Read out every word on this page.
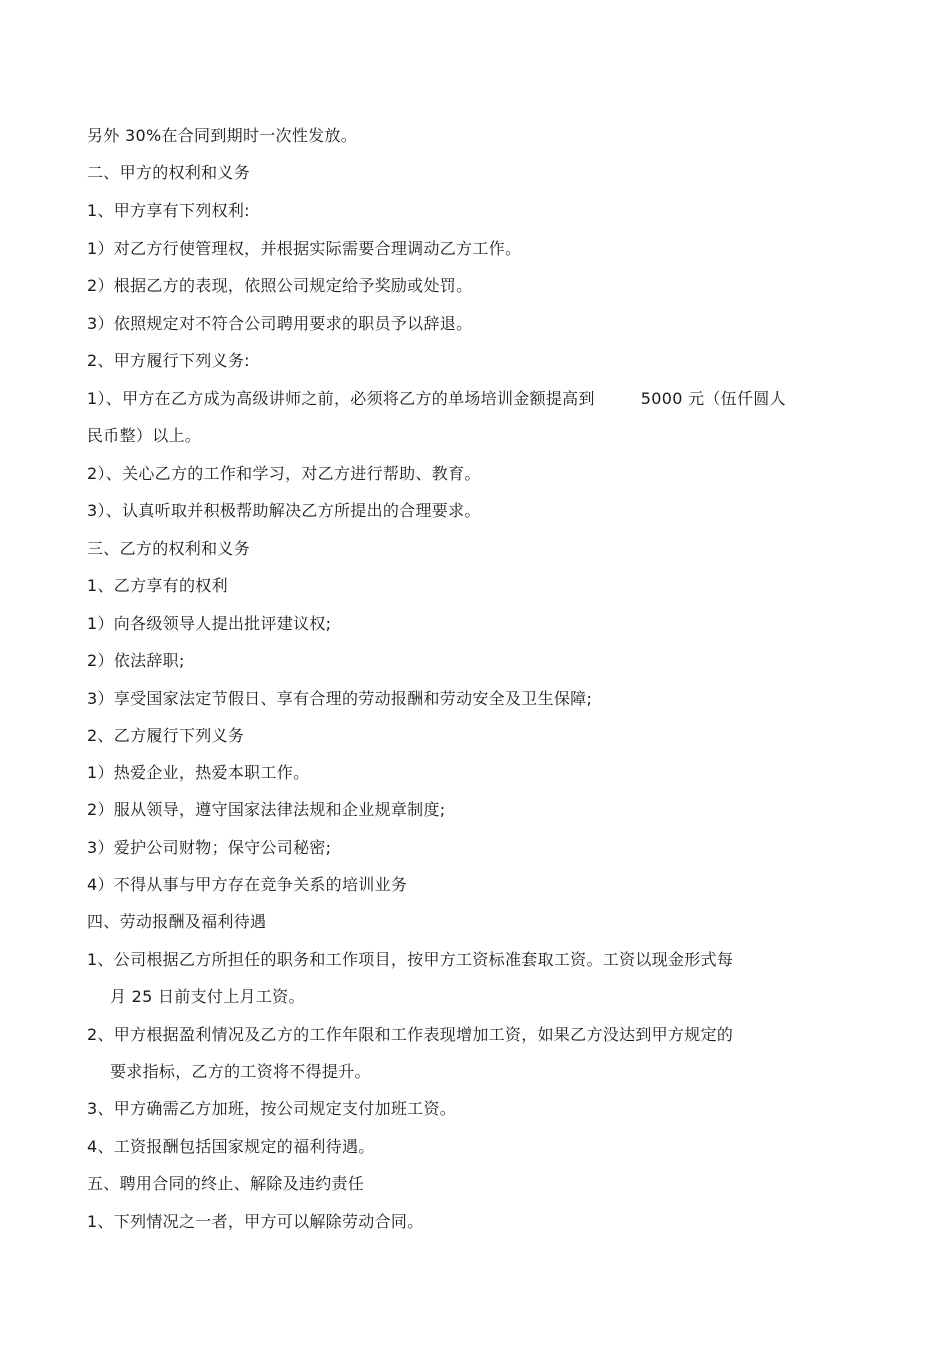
另外 30%在合同到期时一次性发放。
二、甲方的权利和义务
1、甲方享有下列权利:
1）对乙方行使管理权，并根据实际需要合理调动乙方工作。
2）根据乙方的表现，依照公司规定给予奖励或处罚。
3）依照规定对不符合公司聘用要求的职员予以辞退。
2、甲方履行下列义务:
1）、甲方在乙方成为高级讲师之前，必须将乙方的单场培训金额提高到	5000 元（伍仟圆人
民币整）以上。
2）、关心乙方的工作和学习，对乙方进行帮助、教育。
3）、认真听取并积极帮助解决乙方所提出的合理要求。
三、乙方的权利和义务
1、乙方享有的权利
1）向各级领导人提出批评建议权;
2）依法辞职;
3）享受国家法定节假日、享有合理的劳动报酬和劳动安全及卫生保障;
2、乙方履行下列义务
1）热爱企业，热爱本职工作。
2）服从领导，遵守国家法律法规和企业规章制度;
3）爱护公司财物；保守公司秘密;
4）不得从事与甲方存在竞争关系的培训业务
四、劳动报酬及福利待遇
1、公司根据乙方所担任的职务和工作项目，按甲方工资标准套取工资。工资以现金形式每
月 25 日前支付上月工资。
2、甲方根据盈利情况及乙方的工作年限和工作表现增加工资，如果乙方没达到甲方规定的
要求指标，乙方的工资将不得提升。
3、甲方确需乙方加班，按公司规定支付加班工资。
4、工资报酬包括国家规定的福利待遇。
五、聘用合同的终止、解除及违约责任
1、下列情况之一者，甲方可以解除劳动合同。
